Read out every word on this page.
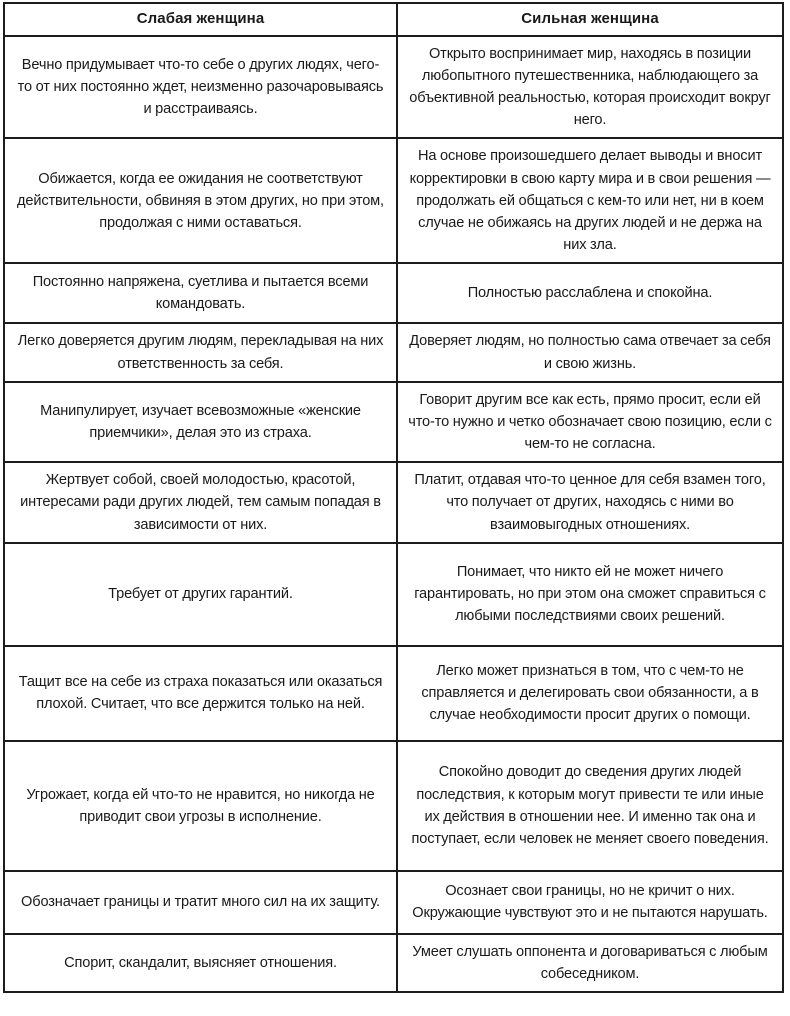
Слабая женщина	Сильная женщина

Вечно придумывает что-то себе о других людях, чего-то от них постоянно ждет, неизменно разочаровываясь и расстраиваясь.	Открыто воспринимает мир, находясь в позиции любопытного путешественника, наблюдающего за объективной реальностью, которая происходит вокруг него.

Обижается, когда ее ожидания не соответствуют действительности, обвиняя в этом других, но при этом, продолжая с ними оставаться.	На основе произошедшего делает выводы и вносит корректировки в свою карту мира и в свои решения — продолжать ей общаться с кем-то или нет, ни в коем случае не обижаясь на других людей и не держа на них зла.

Постоянно напряжена, суетлива и пытается всеми командовать.	Полностью расслаблена и спокойна.

Легко доверяется другим людям, перекладывая на них ответственность за себя.	Доверяет людям, но полностью сама отвечает за себя и свою жизнь.

Манипулирует, изучает всевозможные «женские приемчики», делая это из страха.	Говорит другим все как есть, прямо просит, если ей что-то нужно и четко обозначает свою позицию, если с чем-то не согласна.

Жертвует собой, своей молодостью, красотой, интересами ради других людей, тем самым попадая в зависимости от них.	Платит, отдавая что-то ценное для себя взамен того, что получает от других, находясь с ними во взаимовыгодных отношениях.

Требует от других гарантий.	Понимает, что никто ей не может ничего гарантировать, но при этом она сможет справиться с любыми последствиями своих решений.

Тащит все на себе из страха показаться или оказаться плохой. Считает, что все держится только на ней.	Легко может признаться в том, что с чем-то не справляется и делегировать свои обязанности, а в случае необходимости просит других о помощи.

Угрожает, когда ей что-то не нравится, но никогда не приводит свои угрозы в исполнение.	Спокойно доводит до сведения других людей последствия, к которым могут привести те или иные их действия в отношении нее. И именно так она и поступает, если человек не меняет своего поведения.

Обозначает границы и тратит много сил на их защиту.	Осознает свои границы, но не кричит о них. Окружающие чувствуют это и не пытаются нарушать.

Спорит, скандалит, выясняет отношения.	Умеет слушать оппонента и договариваться с любым собеседником.
